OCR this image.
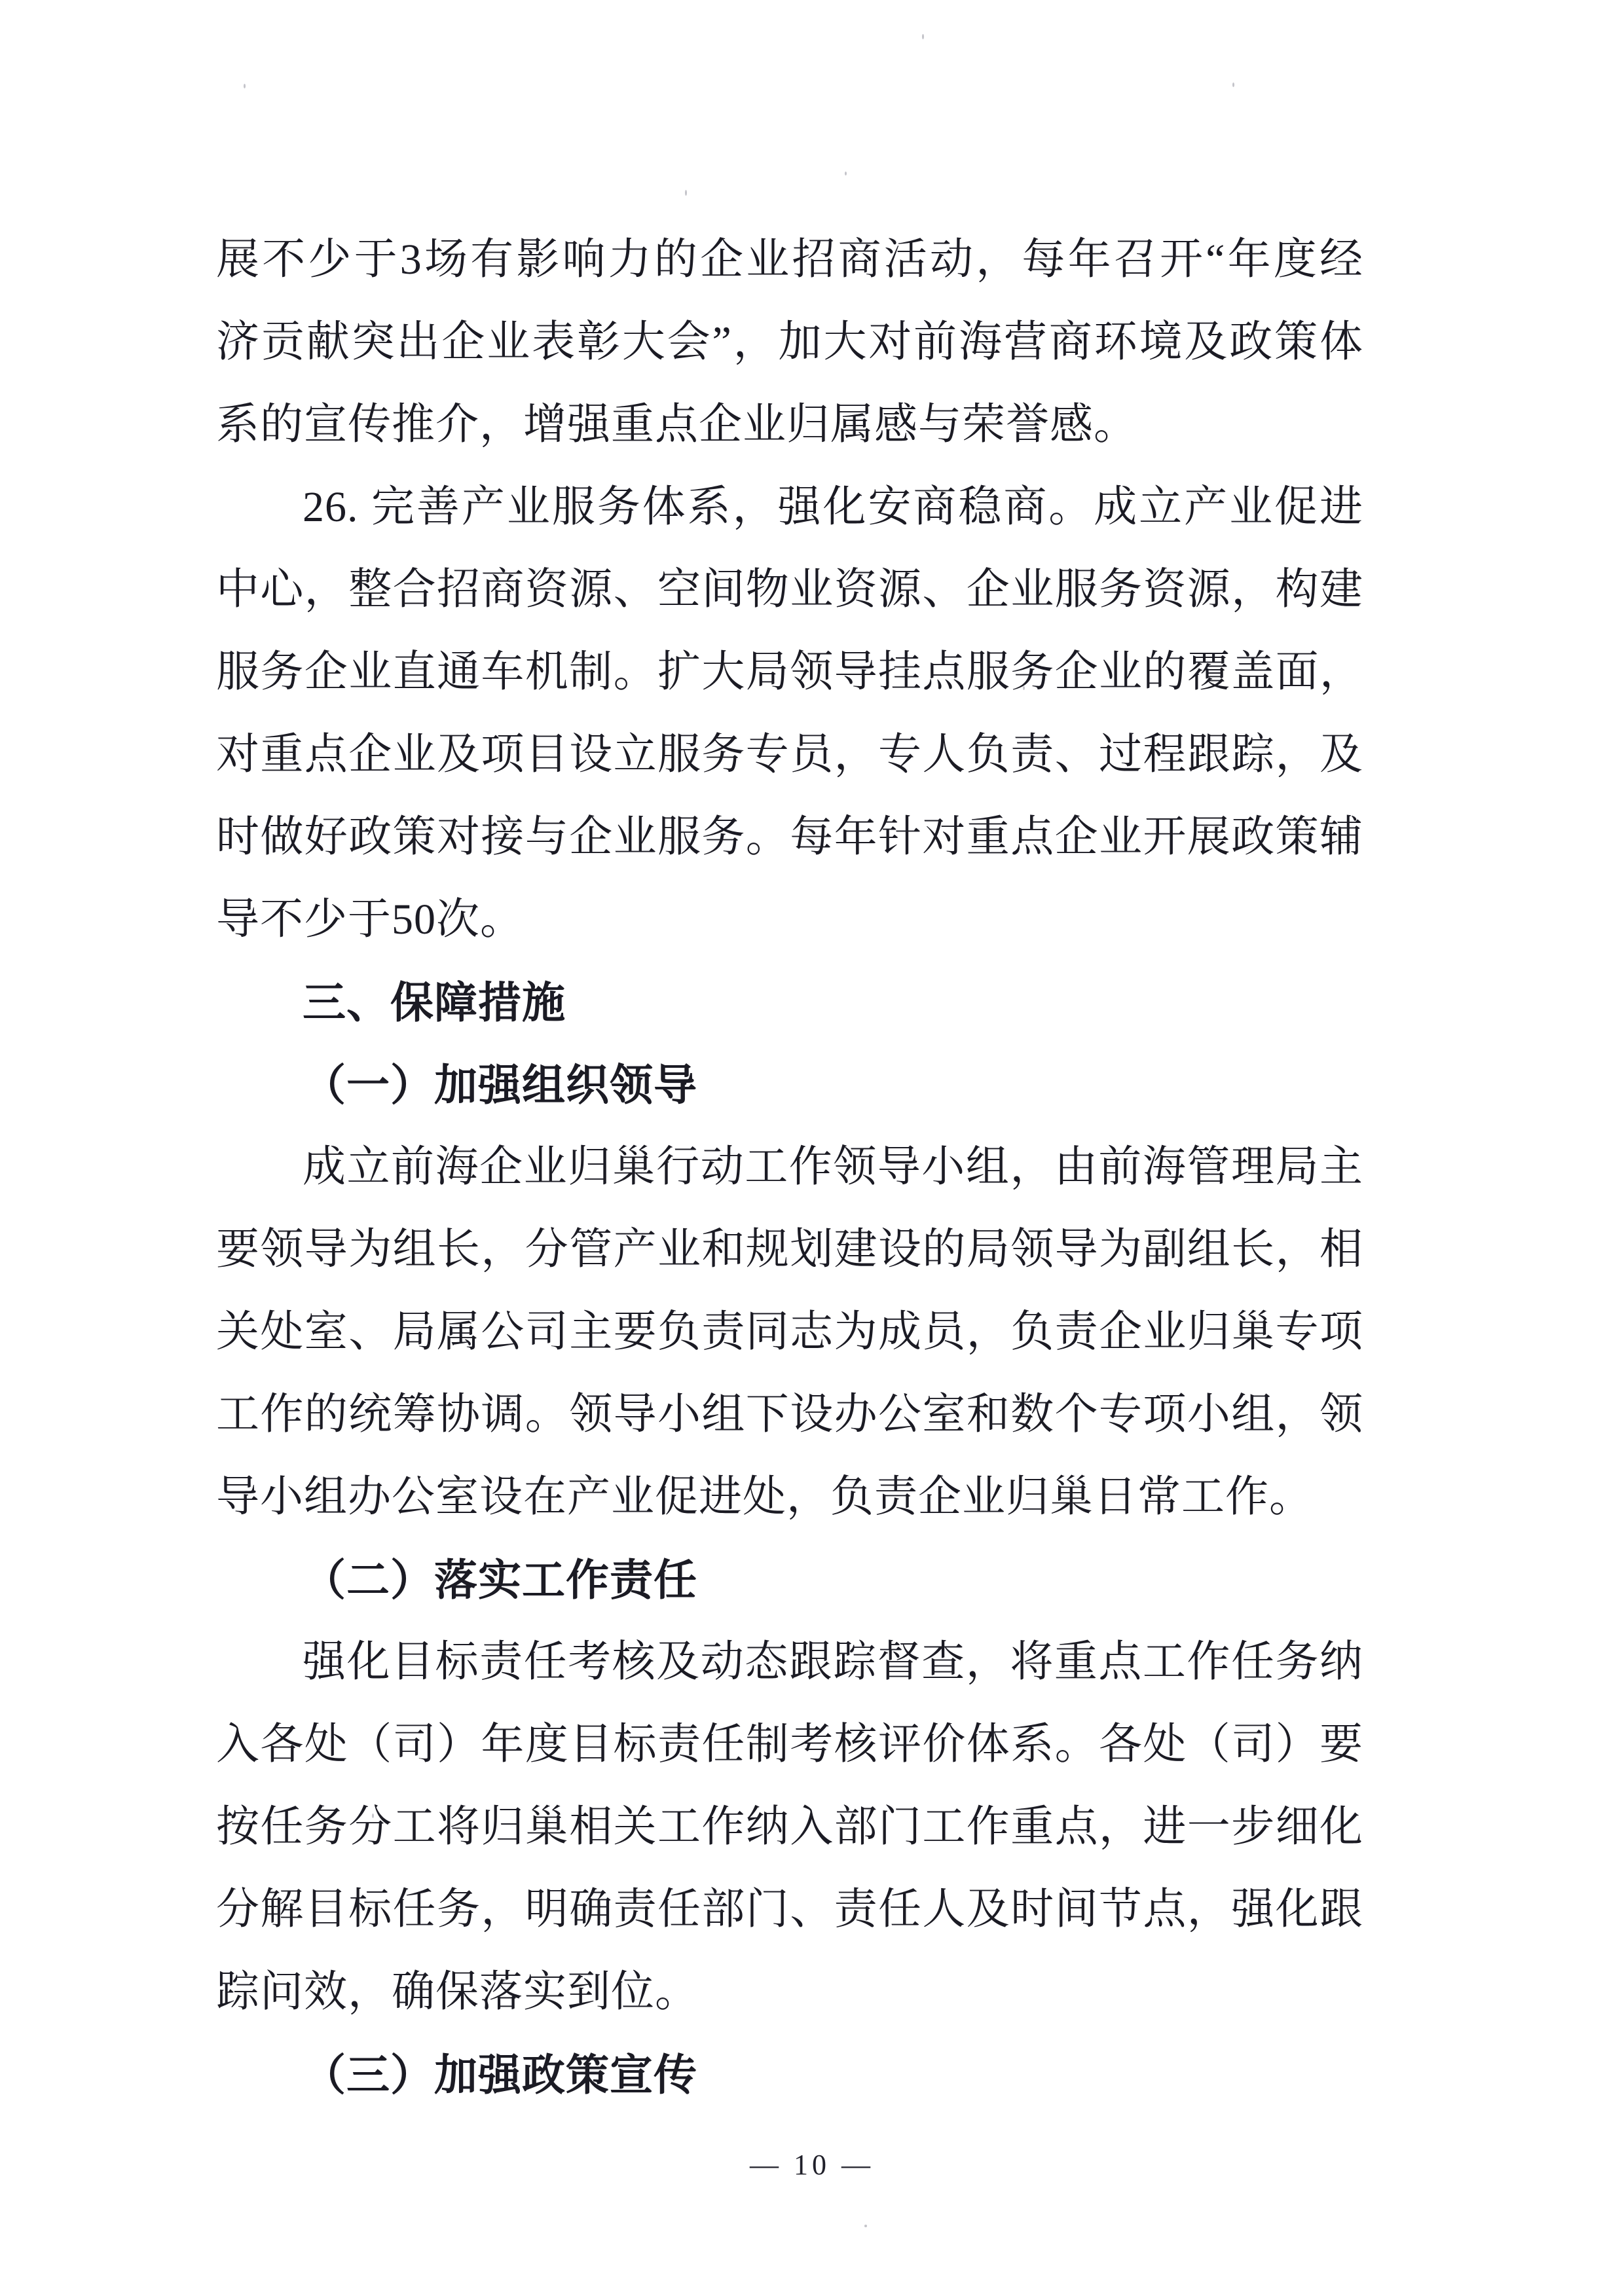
展不少于3场有影响力的企业招商活动，每年召开“年度经
济贡献突出企业表彰大会”，加大对前海营商环境及政策体
系的宣传推介，增强重点企业归属感与荣誉感。
26. 完善产业服务体系，强化安商稳商。成立产业促进
中心，整合招商资源、空间物业资源、企业服务资源，构建
服务企业直通车机制。扩大局领导挂点服务企业的覆盖面，
对重点企业及项目设立服务专员，专人负责、过程跟踪，及
时做好政策对接与企业服务。每年针对重点企业开展政策辅
导不少于50次。
三、保障措施
（一）加强组织领导
成立前海企业归巢行动工作领导小组，由前海管理局主
要领导为组长，分管产业和规划建设的局领导为副组长，相
关处室、局属公司主要负责同志为成员，负责企业归巢专项
工作的统筹协调。领导小组下设办公室和数个专项小组，领
导小组办公室设在产业促进处，负责企业归巢日常工作。
（二）落实工作责任
强化目标责任考核及动态跟踪督查，将重点工作任务纳
入各处（司）年度目标责任制考核评价体系。各处（司）要
按任务分工将归巢相关工作纳入部门工作重点，进一步细化
分解目标任务，明确责任部门、责任人及时间节点，强化跟
踪问效，确保落实到位。
（三）加强政策宣传
— 10 —
